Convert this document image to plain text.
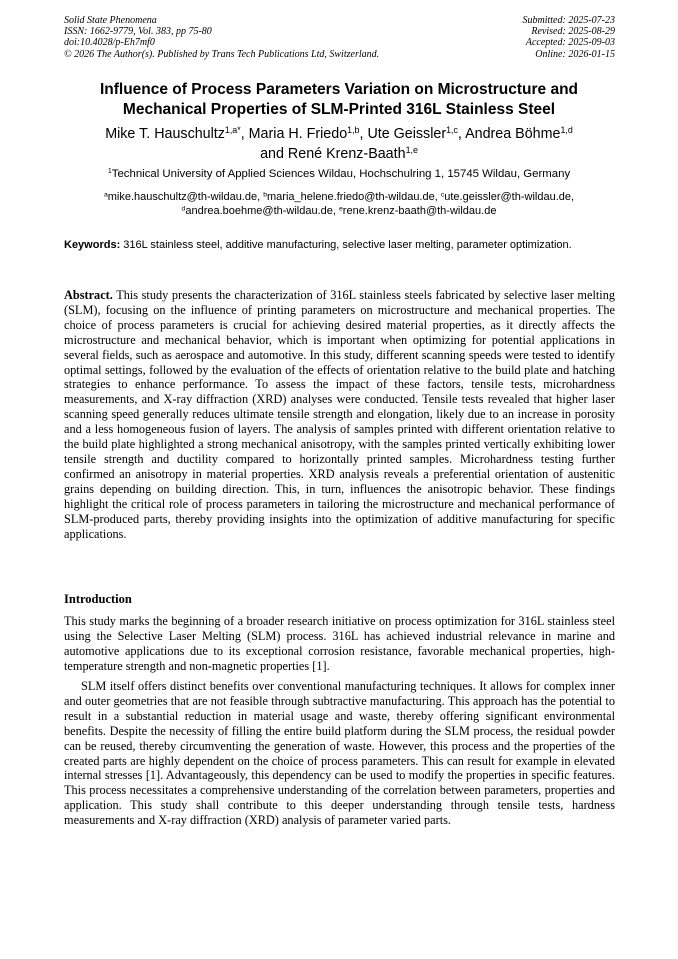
Solid State Phenomena
ISSN: 1662-9779, Vol. 383, pp 75-80
doi:10.4028/p-Eh7mf0
© 2026 The Author(s). Published by Trans Tech Publications Ltd, Switzerland.
Submitted: 2025-07-23
Revised: 2025-08-29
Accepted: 2025-09-03
Online: 2026-01-15
Influence of Process Parameters Variation on Microstructure and
Mechanical Properties of SLM-Printed 316L Stainless Steel
Mike T. Hauschultz$^{1,a*}$, Maria H. Friedo$^{1,b}$, Ute Geissler$^{1,c}$, Andrea Böhme$^{1,d}$
and René Krenz-Baath$^{1,e}$
$^1$Technical University of Applied Sciences Wildau, Hochschulring 1, 15745 Wildau, Germany
$^a$mike.hauschultz@th-wildau.de, $^b$maria_helene.friedo@th-wildau.de, $^c$ute.geissler@th-wildau.de,
$^d$andrea.boehme@th-wildau.de, $^e$rene.krenz-baath@th-wildau.de
Keywords: 316L stainless steel, additive manufacturing, selective laser melting, parameter optimization.
Abstract. This study presents the characterization of 316L stainless steels fabricated by selective laser melting (SLM), focusing on the influence of printing parameters on microstructure and mechanical properties. The choice of process parameters is crucial for achieving desired material properties, as it directly affects the microstructure and mechanical behavior, which is important when optimizing for potential applications in several fields, such as aerospace and automotive. In this study, different scanning speeds were tested to identify optimal settings, followed by the evaluation of the effects of orientation relative to the build plate and hatching strategies to enhance performance. To assess the impact of these factors, tensile tests, microhardness measurements, and X-ray diffraction (XRD) analyses were conducted. Tensile tests revealed that higher laser scanning speed generally reduces ultimate tensile strength and elongation, likely due to an increase in porosity and a less homogeneous fusion of layers. The analysis of samples printed with different orientation relative to the build plate highlighted a strong mechanical anisotropy, with the samples printed vertically exhibiting lower tensile strength and ductility compared to horizontally printed samples. Microhardness testing further confirmed an anisotropy in material properties. XRD analysis reveals a preferential orientation of austenitic grains depending on building direction. This, in turn, influences the anisotropic behavior. These findings highlight the critical role of process parameters in tailoring the microstructure and mechanical performance of SLM-produced parts, thereby providing insights into the optimization of additive manufacturing for specific applications.
Introduction
This study marks the beginning of a broader research initiative on process optimization for 316L stainless steel using the Selective Laser Melting (SLM) process. 316L has achieved industrial relevance in marine and automotive applications due to its exceptional corrosion resistance, favorable mechanical properties, high-temperature strength and non-magnetic properties [1].
SLM itself offers distinct benefits over conventional manufacturing techniques. It allows for complex inner and outer geometries that are not feasible through subtractive manufacturing. This approach has the potential to result in a substantial reduction in material usage and waste, thereby offering significant environmental benefits. Despite the necessity of filling the entire build platform during the SLM process, the residual powder can be reused, thereby circumventing the generation of waste. However, this process and the properties of the created parts are highly dependent on the choice of process parameters. This can result for example in elevated internal stresses [1]. Advantageously, this dependency can be used to modify the properties in specific features. This process necessitates a comprehensive understanding of the correlation between parameters, properties and application. This study shall contribute to this deeper understanding through tensile tests, hardness measurements and X-ray diffraction (XRD) analysis of parameter varied parts.
